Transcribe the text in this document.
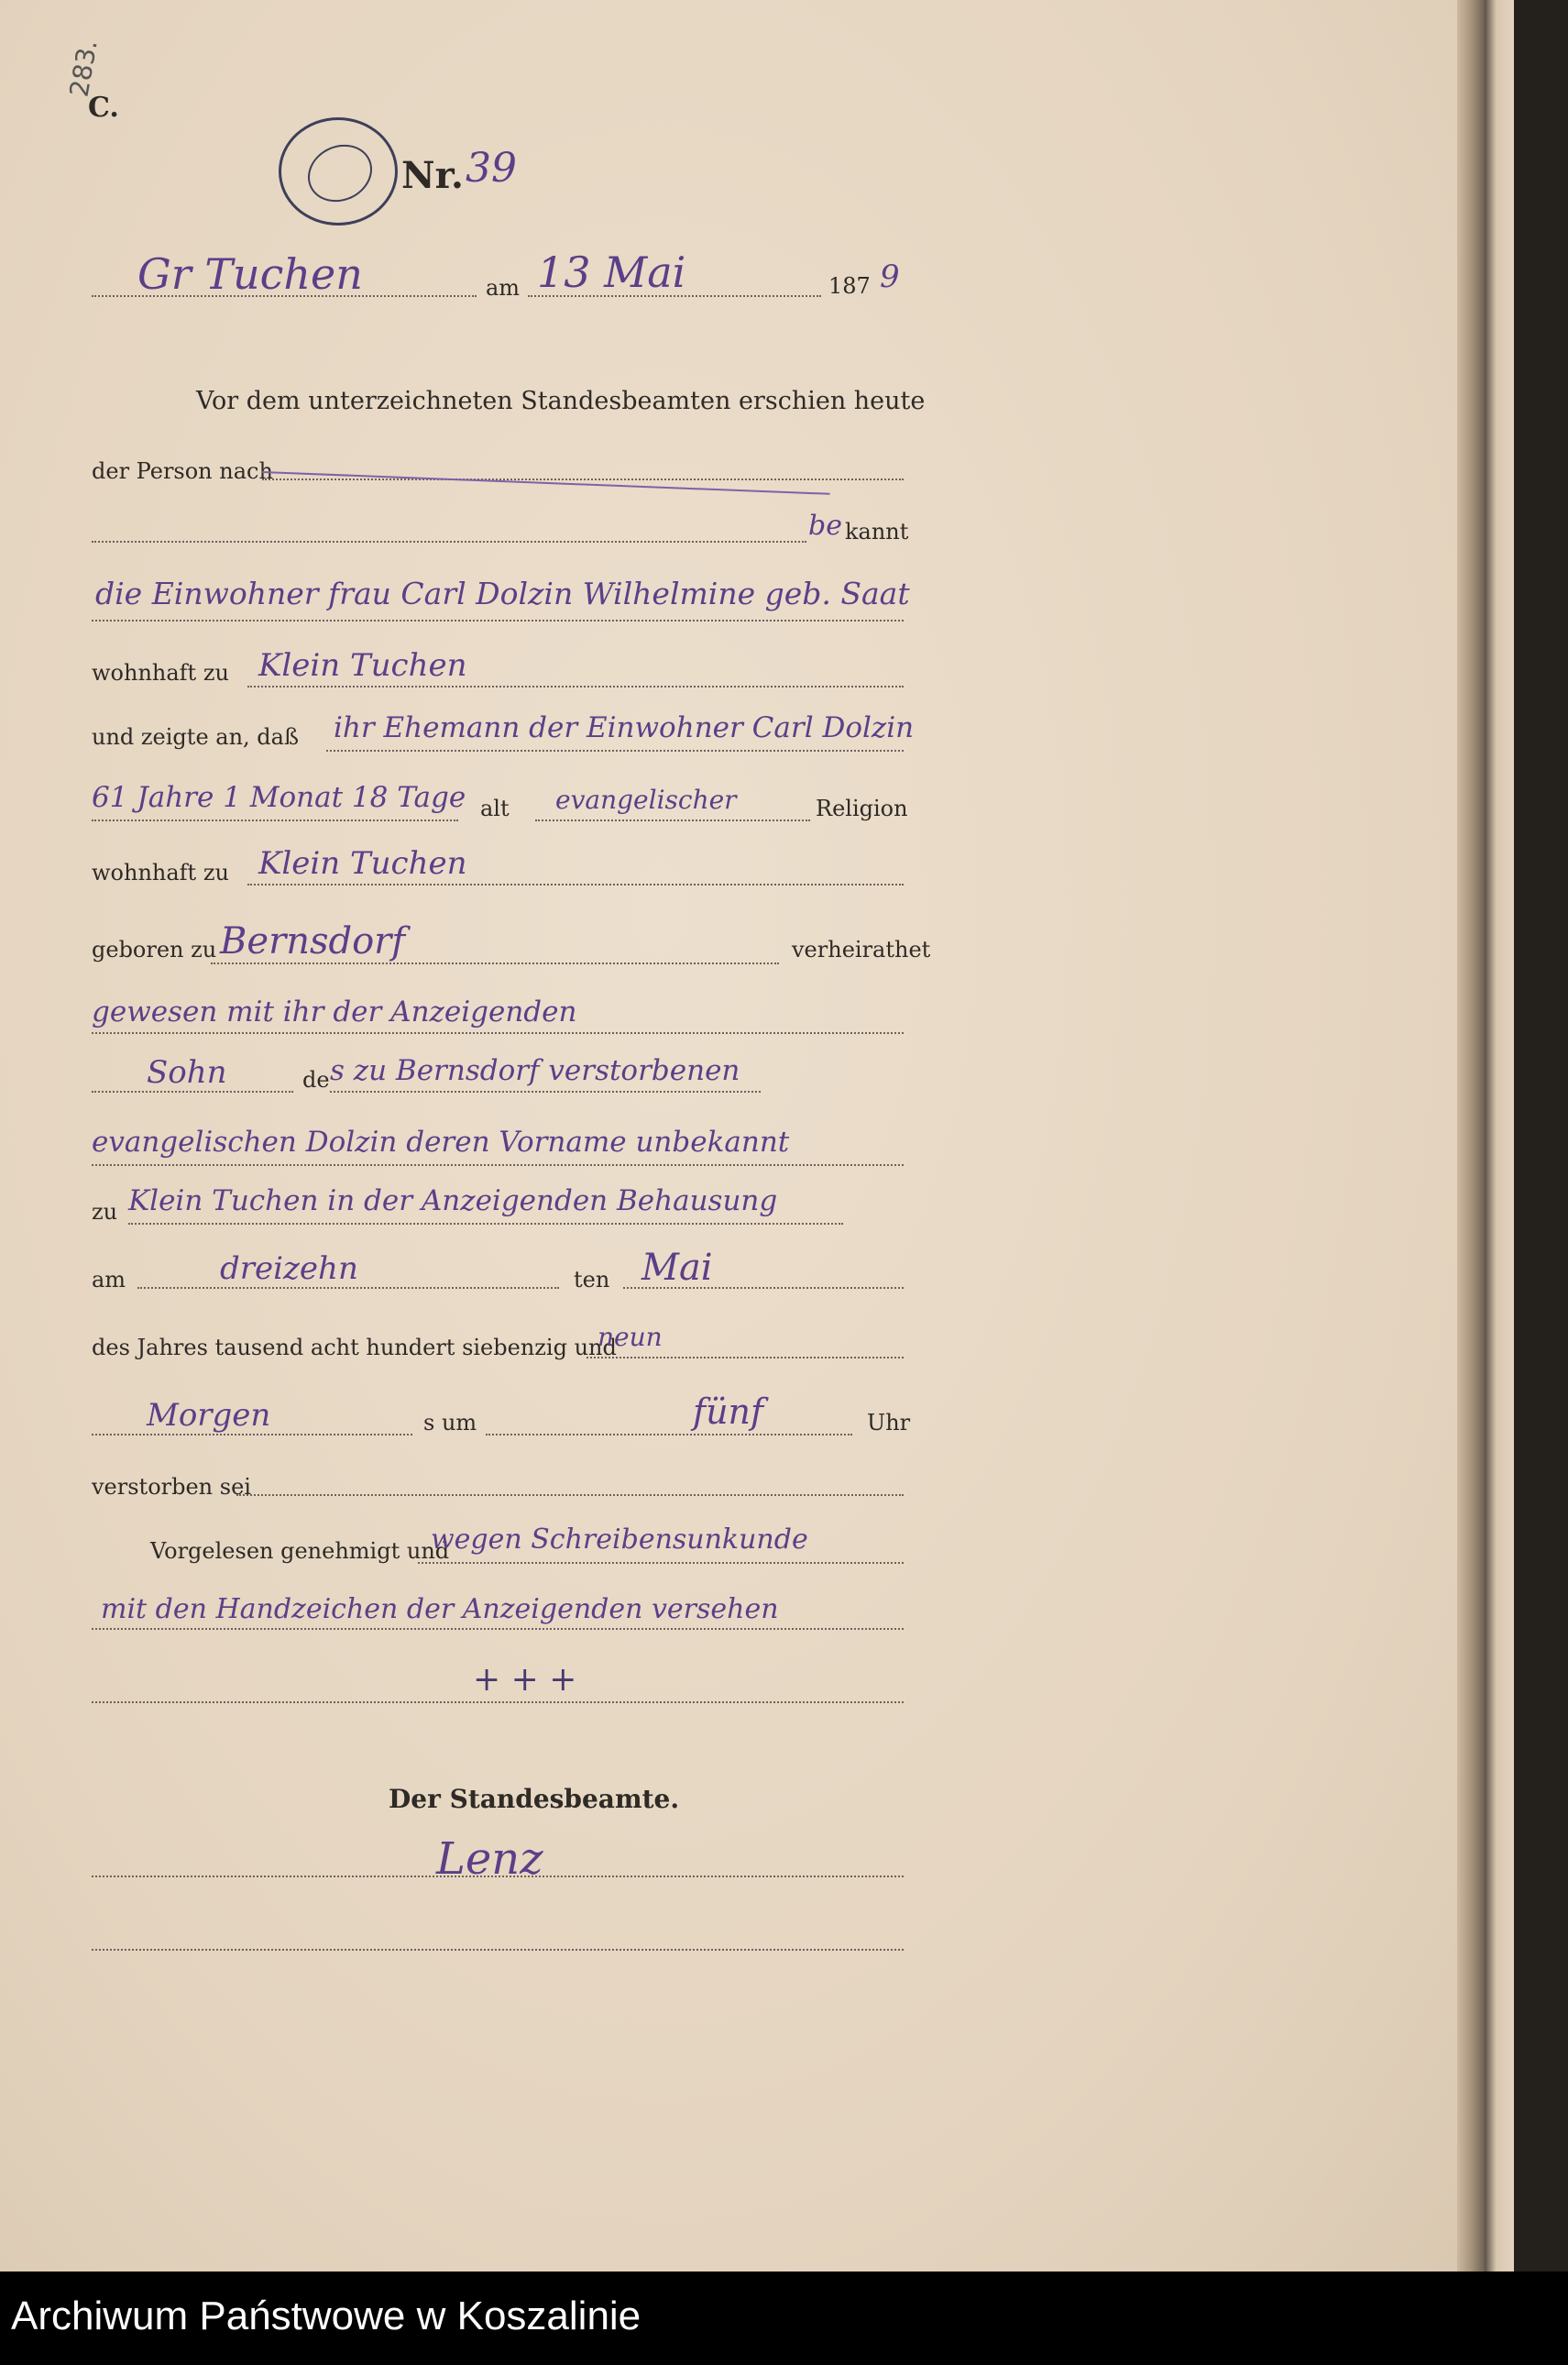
283.
C.
Nr. 39
Gr Tuchen	am 13 Mai	187 9
Vor dem unterzeichneten Standesbeamten erschien heute
der Person nach
be kannt
die Einwohner frau Carl Dolzin Wilhelmine geb. Saat
wohnhaft zu Klein Tuchen
und zeigte an, daß ihr Ehemann der Einwohner Carl Dolzin
61 Jahre 1 Monat 18 Tage alt evangelischer	Religion
wohnhaft zu Klein Tuchen
geboren zu Bernsdorf	verheirathet
gewesen mit ihr der Anzeigenden
Sohn	de s zu Bernsdorf verstorbenen
evangelischen Dolzin deren Vorname unbekannt
zu Klein Tuchen in der Anzeigenden Behausung
am	dreizehn	ten Mai
des Jahres tausend acht hundert siebenzig und
neun
Morgen	s um	fünf	Uhr
verstorben sei
Vorgelesen genehmigt und
wegen Schreibensunkunde
mit den Handzeichen der Anzeigenden versehen
+ + +
Der Standesbeamte.
Lenz
Archiwum Państwowe w Koszalinie
